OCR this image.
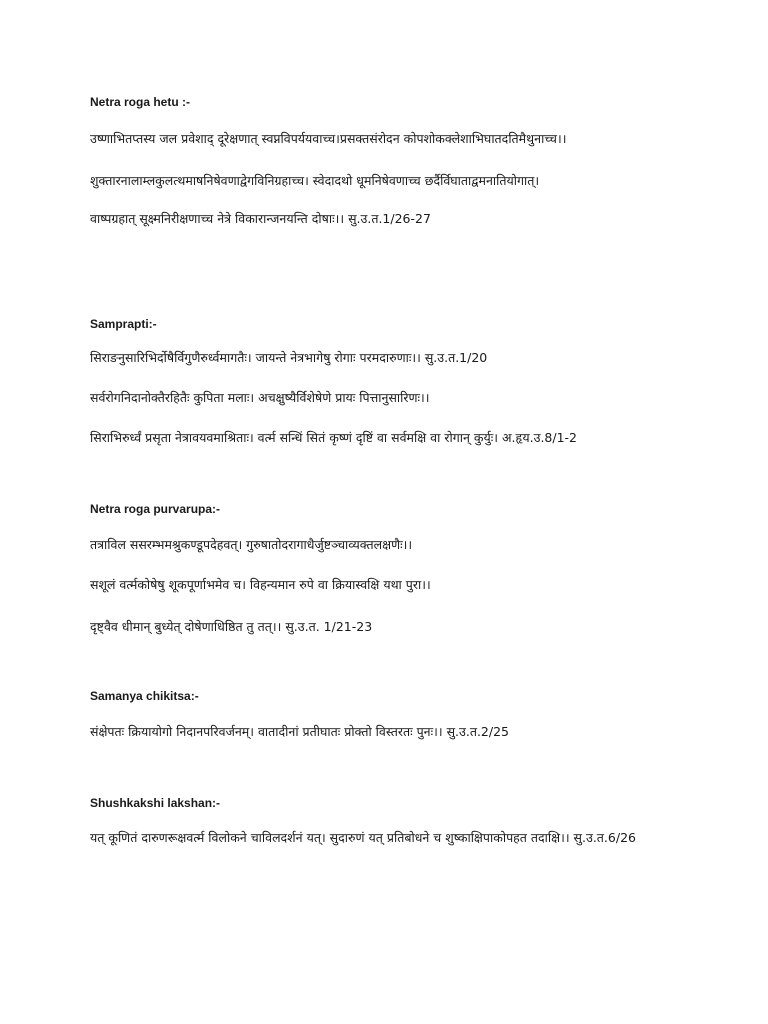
Netra roga hetu :-
उष्णाभितप्तस्य जल प्रवेशाद् दूरेक्षणात् स्वप्नविपर्ययवाच्च।प्रसक्तसंरोदन कोपशोकक्लेशाभिघातदतिमैथुनाच्च।।
शुक्तारनालाम्लकुलत्थमाषनिषेवणाद्वेगविनिग्रहाच्च। स्वेदादथो धूमनिषेवणाच्च छर्दैर्विघाताद्वमनातियोगात्।
वाष्पग्रहात् सूक्ष्मनिरीक्षणाच्च नेत्रे विकारान्जनयन्ति दोषाः।। सु.उ.त.1/26-27
Samprapti:-
सिराङनुसारिभिर्दोषैर्विगुणैरुर्ध्वमागतैः। जायन्ते नेत्रभागेषु रोगाः परमदारुणाः।। सु.उ.त.1/20
सर्वरोगनिदानोक्तैरहितैः कुपिता मलाः। अचक्षुष्यैर्विशेषेणे प्रायः पित्तानुसारिणः।।
सिराभिरुर्ध्वं प्रसृता नेत्रावयवमाश्रिताः। वर्त्म सन्धिं सितं कृष्णं दृष्टिं वा सर्वमक्षि वा रोगान् कुर्युः। अ.हृय.उ.8/1-2
Netra roga purvarupa:-
तत्राविल ससरम्भमश्रुकण्डूपदेहवत्। गुरुषातोदरागाधैर्जुष्टञ्चाव्यक्तलक्षणैः।।
सशूलं वर्त्मकोषेषु शूकपूर्णाभमेव च। विहन्यमान रुपे वा क्रियास्वक्षि यथा पुरा।।
दृष्ट्वैव धीमान् बुध्येत् दोषेणाधिष्ठित तु तत्।। सु.उ.त. 1/21-23
Samanya chikitsa:-
संक्षेपतः क्रियायोगो निदानपरिवर्जनम्। वातादीनां प्रतीघातः प्रोक्तो विस्तरतः पुनः।। सु.उ.त.2/25
Shushkakshi lakshan:-
यत् कूणितं दारुणरूक्षवर्त्म विलोकने चाविलदर्शनं यत्। सुदारुणं यत् प्रतिबोधने च शुष्काक्षिपाकोपहत तदाक्षि।। सु.उ.त.6/26
